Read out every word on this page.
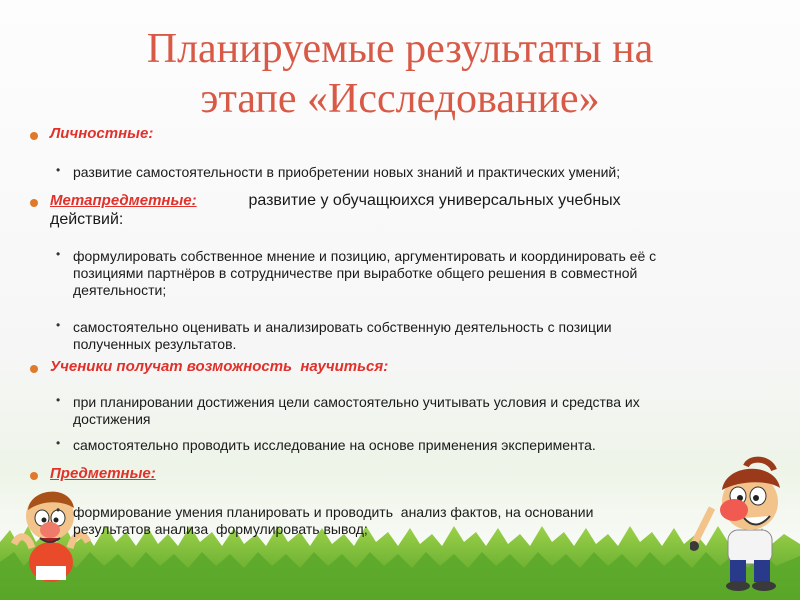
Планируемые результаты на
этапе «Исследование»

Личностные:

• развитие самостоятельности в приобретении новых знаний и практических умений;

Метапредметные:	развитие у обучащюихся универсальных учебных

действий:

• формулировать собственное мнение и позицию, аргументировать и координировать её с

позициями партнёров в сотрудничестве при выработке общего решения в совместной

деятельности;

• самостоятельно оценивать и анализировать собственную деятельность с позиции

полученных результатов.

Ученики получат возможность  научиться:

• при планировании достижения цели самостоятельно учитывать условия и средства их

достижения

• самостоятельно проводить исследование на основе применения эксперимента.

Предметные:

• формирование умения планировать и проводить  анализ фактов, на основании

результатов анализа  формулировать вывод;
